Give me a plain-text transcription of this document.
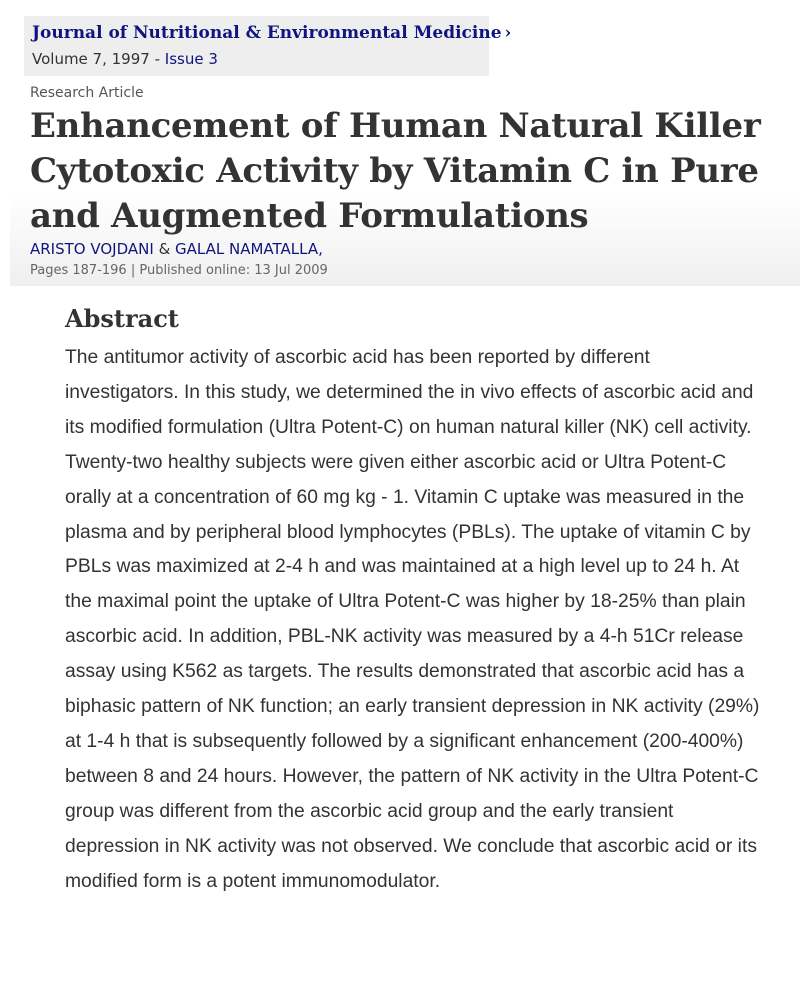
Journal of Nutritional & Environmental Medicine ›
Volume 7, 1997 - Issue 3
Research Article
Enhancement of Human Natural Killer Cytotoxic Activity by Vitamin C in Pure and Augmented Formulations
ARISTO VOJDANI & GALAL NAMATALLA,
Pages 187-196 | Published online: 13 Jul 2009
Abstract

The antitumor activity of ascorbic acid has been reported by different investigators. In this study, we determined the in vivo effects of ascorbic acid and its modified formulation (Ultra Potent-C) on human natural killer (NK) cell activity. Twenty-two healthy subjects were given either ascorbic acid or Ultra Potent-C orally at a concentration of 60 mg kg - 1. Vitamin C uptake was measured in the plasma and by peripheral blood lymphocytes (PBLs). The uptake of vitamin C by PBLs was maximized at 2-4 h and was maintained at a high level up to 24 h. At the maximal point the uptake of Ultra Potent-C was higher by 18-25% than plain ascorbic acid. In addition, PBL-NK activity was measured by a 4-h 51Cr release assay using K562 as targets. The results demonstrated that ascorbic acid has a biphasic pattern of NK function; an early transient depression in NK activity (29%) at 1-4 h that is subsequently followed by a significant enhancement (200-400%) between 8 and 24 hours. However, the pattern of NK activity in the Ultra Potent-C group was different from the ascorbic acid group and the early transient depression in NK activity was not observed. We conclude that ascorbic acid or its modified form is a potent immunomodulator.
